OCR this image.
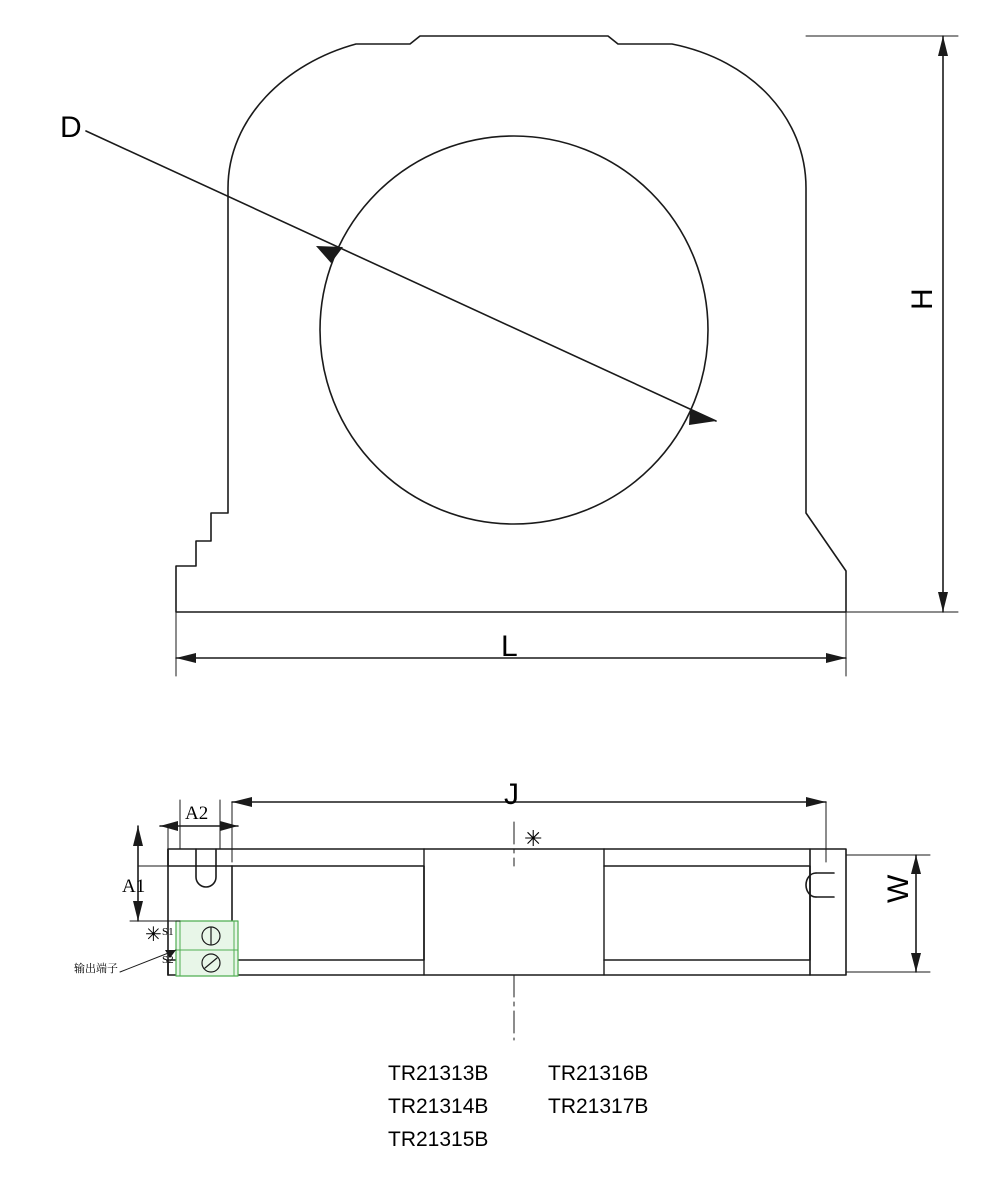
D
H
L
J
W
A1
A2
✳
✳ S1
S2
输出端子
TR21313B	TR21316B
TR21314B	TR21317B
TR21315B
